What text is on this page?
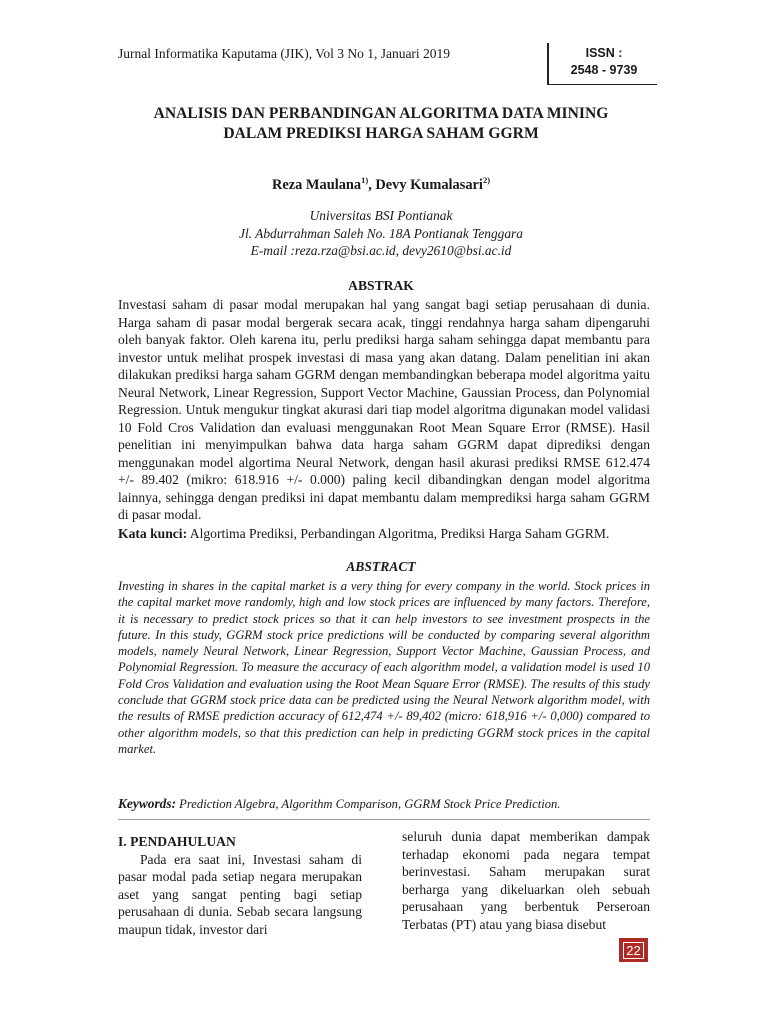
Jurnal Informatika Kaputama (JIK), Vol 3 No 1, Januari 2019	ISSN :
2548 - 9739
ANALISIS DAN PERBANDINGAN ALGORITMA DATA MINING
DALAM PREDIKSI HARGA SAHAM GGRM
Reza Maulana$^{1)}$, Devy Kumalasari$^{2)}$
Universitas BSI Pontianak
Jl. Abdurrahman Saleh No. 18A Pontianak Tenggara
E-mail :reza.rza@bsi.ac.id, devy2610@bsi.ac.id
ABSTRAK
Investasi saham di pasar modal merupakan hal yang sangat bagi setiap perusahaan di dunia. Harga saham di pasar modal bergerak secara acak, tinggi rendahnya harga saham dipengaruhi oleh banyak faktor. Oleh karena itu, perlu prediksi harga saham sehingga dapat membantu para investor untuk melihat prospek investasi di masa yang akan datang. Dalam penelitian ini akan dilakukan prediksi harga saham GGRM dengan membandingkan beberapa model algoritma yaitu Neural Network, Linear Regression, Support Vector Machine, Gaussian Process, dan Polynomial Regression. Untuk mengukur tingkat akurasi dari tiap model algoritma digunakan model validasi 10 Fold Cros Validation dan evaluasi menggunakan Root Mean Square Error (RMSE). Hasil penelitian ini menyimpulkan bahwa data harga saham GGRM dapat diprediksi dengan menggunakan model algortima Neural Network, dengan hasil akurasi prediksi RMSE 612.474 +/- 89.402 (mikro: 618.916 +/- 0.000) paling kecil dibandingkan dengan model algoritma lainnya, sehingga dengan prediksi ini dapat membantu dalam memprediksi harga saham GGRM di pasar modal.
Kata kunci: Algortima Prediksi, Perbandingan Algoritma, Prediksi Harga Saham GGRM.
ABSTRACT
Investing in shares in the capital market is a very thing for every company in the world. Stock prices in the capital market move randomly, high and low stock prices are influenced by many factors. Therefore, it is necessary to predict stock prices so that it can help investors to see investment prospects in the future. In this study, GGRM stock price predictions will be conducted by comparing several algorithm models, namely Neural Network, Linear Regression, Support Vector Machine, Gaussian Process, and Polynomial Regression. To measure the accuracy of each algorithm model, a validation model is used 10 Fold Cros Validation and evaluation using the Root Mean Square Error (RMSE). The results of this study conclude that GGRM stock price data can be predicted using the Neural Network algorithm model, with the results of RMSE prediction accuracy of 612,474 +/- 89,402 (micro: 618,916 +/- 0,000) compared to other algorithm models, so that this prediction can help in predicting GGRM stock prices in the capital market.
Keywords: Prediction Algebra, Algorithm Comparison, GGRM Stock Price Prediction.
I. PENDAHULUAN
Pada era saat ini, Investasi saham di pasar modal pada setiap negara merupakan aset yang sangat penting bagi setiap perusahaan di dunia. Sebab secara langsung maupun tidak, investor dari
seluruh dunia dapat memberikan dampak terhadap ekonomi pada negara tempat berinvestasi. Saham merupakan surat berharga yang dikeluarkan oleh sebuah perusahaan yang berbentuk Perseroan Terbatas (PT) atau yang biasa disebut
22
